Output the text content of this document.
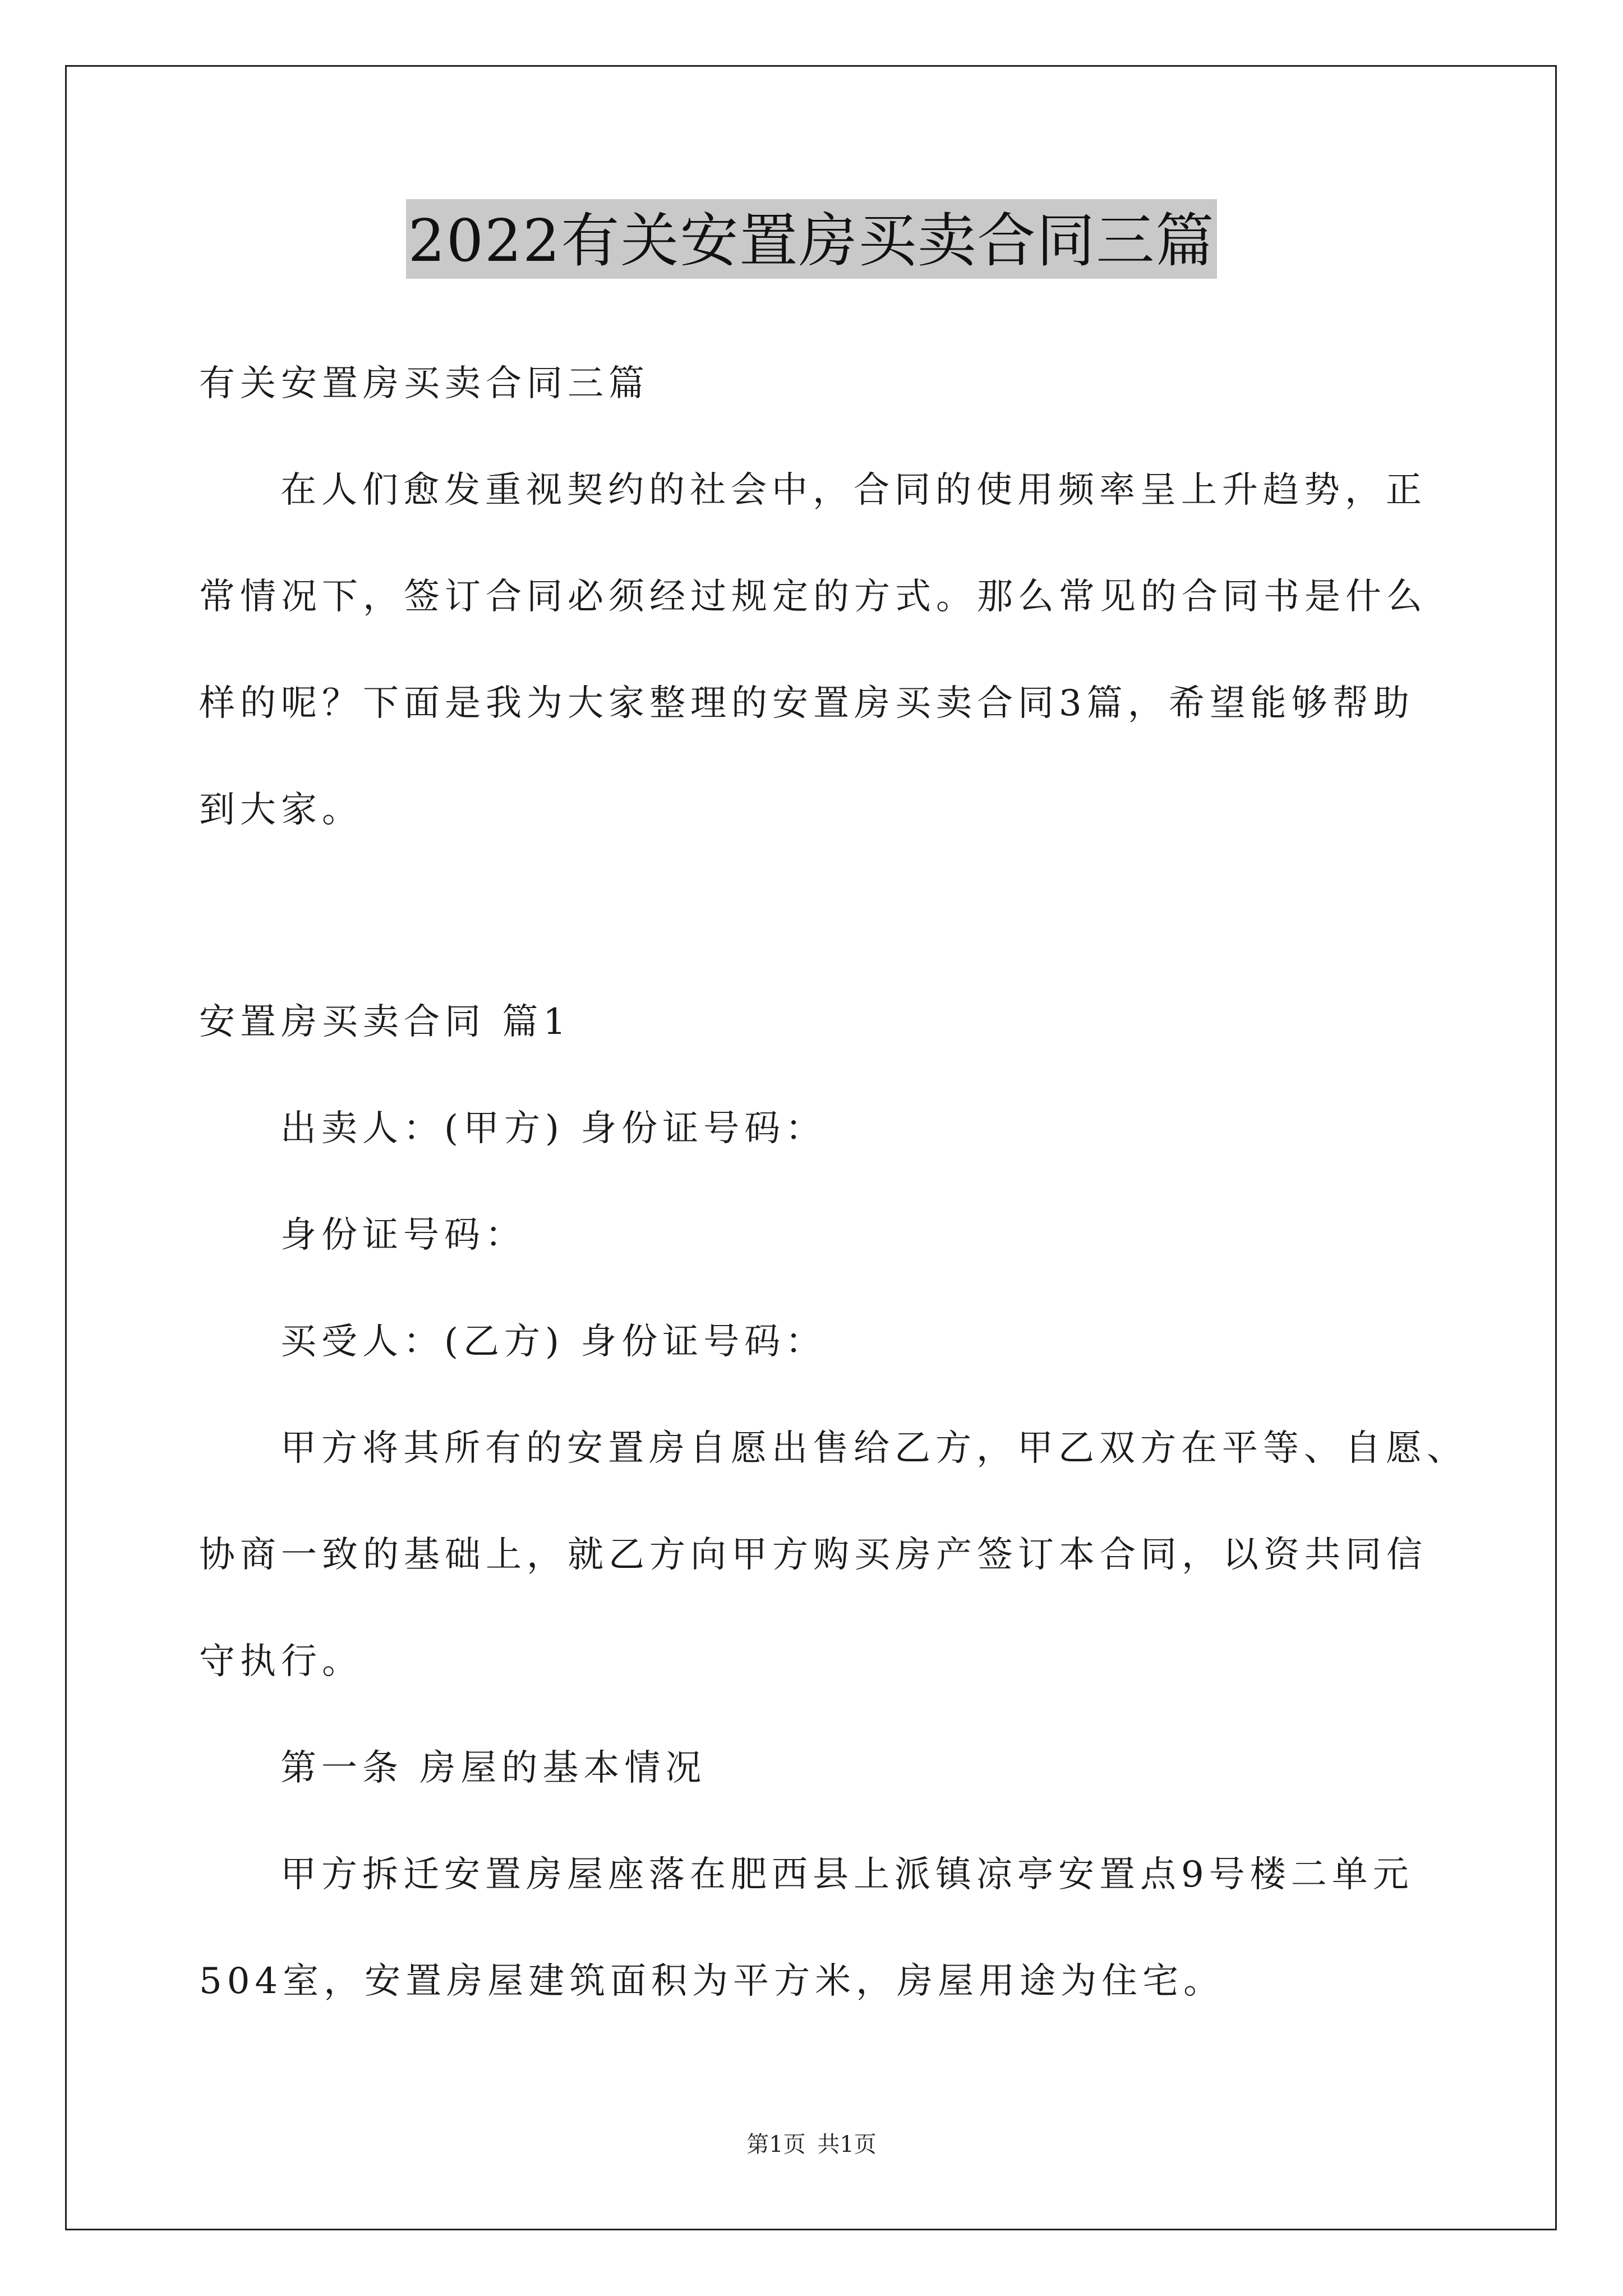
2022有关安置房买卖合同三篇
有关安置房买卖合同三篇
在人们愈发重视契约的社会中，合同的使用频率呈上升趋势，正
常情况下，签订合同必须经过规定的方式。那么常见的合同书是什么
样的呢？下面是我为大家整理的安置房买卖合同3篇，希望能够帮助
到大家。
安置房买卖合同 篇1
出卖人：(甲方) 身份证号码：
身份证号码：
买受人：(乙方) 身份证号码：
甲方将其所有的安置房自愿出售给乙方，甲乙双方在平等、自愿、
协商一致的基础上，就乙方向甲方购买房产签订本合同，以资共同信
守执行。
第一条 房屋的基本情况
甲方拆迁安置房屋座落在肥西县上派镇凉亭安置点9号楼二单元
504室，安置房屋建筑面积为平方米，房屋用途为住宅。
第1页 共1页
